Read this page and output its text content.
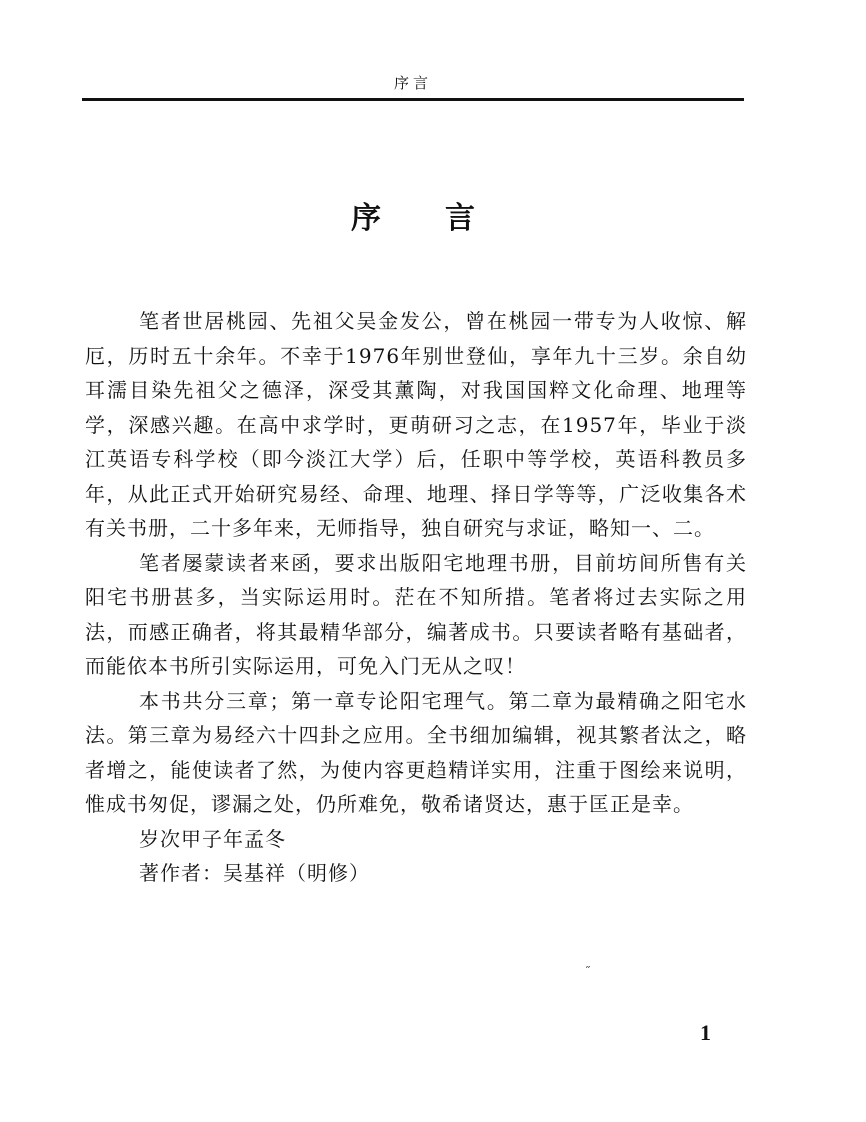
序言
序言

笔者世居桃园、先祖父吴金发公，曾在桃园一带专为人收惊、解厄，历时五十余年。不幸于1976年别世登仙，享年九十三岁。余自幼耳濡目染先祖父之德泽，深受其薰陶，对我国国粹文化命理、地理等学，深感兴趣。在高中求学时，更萌研习之志，在1957年，毕业于淡江英语专科学校（即今淡江大学）后，任职中等学校，英语科教员多年，从此正式开始研究易经、命理、地理、择日学等等，广泛收集各术有关书册，二十多年来，无师指导，独自研究与求证，略知一、二。

笔者屡蒙读者来函，要求出版阳宅地理书册，目前坊间所售有关阳宅书册甚多，当实际运用时。茫在不知所措。笔者将过去实际之用法，而感正确者，将其最精华部分，编著成书。只要读者略有基础者，而能依本书所引实际运用，可免入门无从之叹！

本书共分三章；第一章专论阳宅理气。第二章为最精确之阳宅水法。第三章为易经六十四卦之应用。全书细加编辑，视其繁者汰之，略者增之，能使读者了然，为使内容更趋精详实用，注重于图绘来说明，惟成书匆促，谬漏之处，仍所难免，敬希诸贤达，惠于匡正是幸。

岁次甲子年孟冬

著作者：吴基祥（明修）

˶
1
